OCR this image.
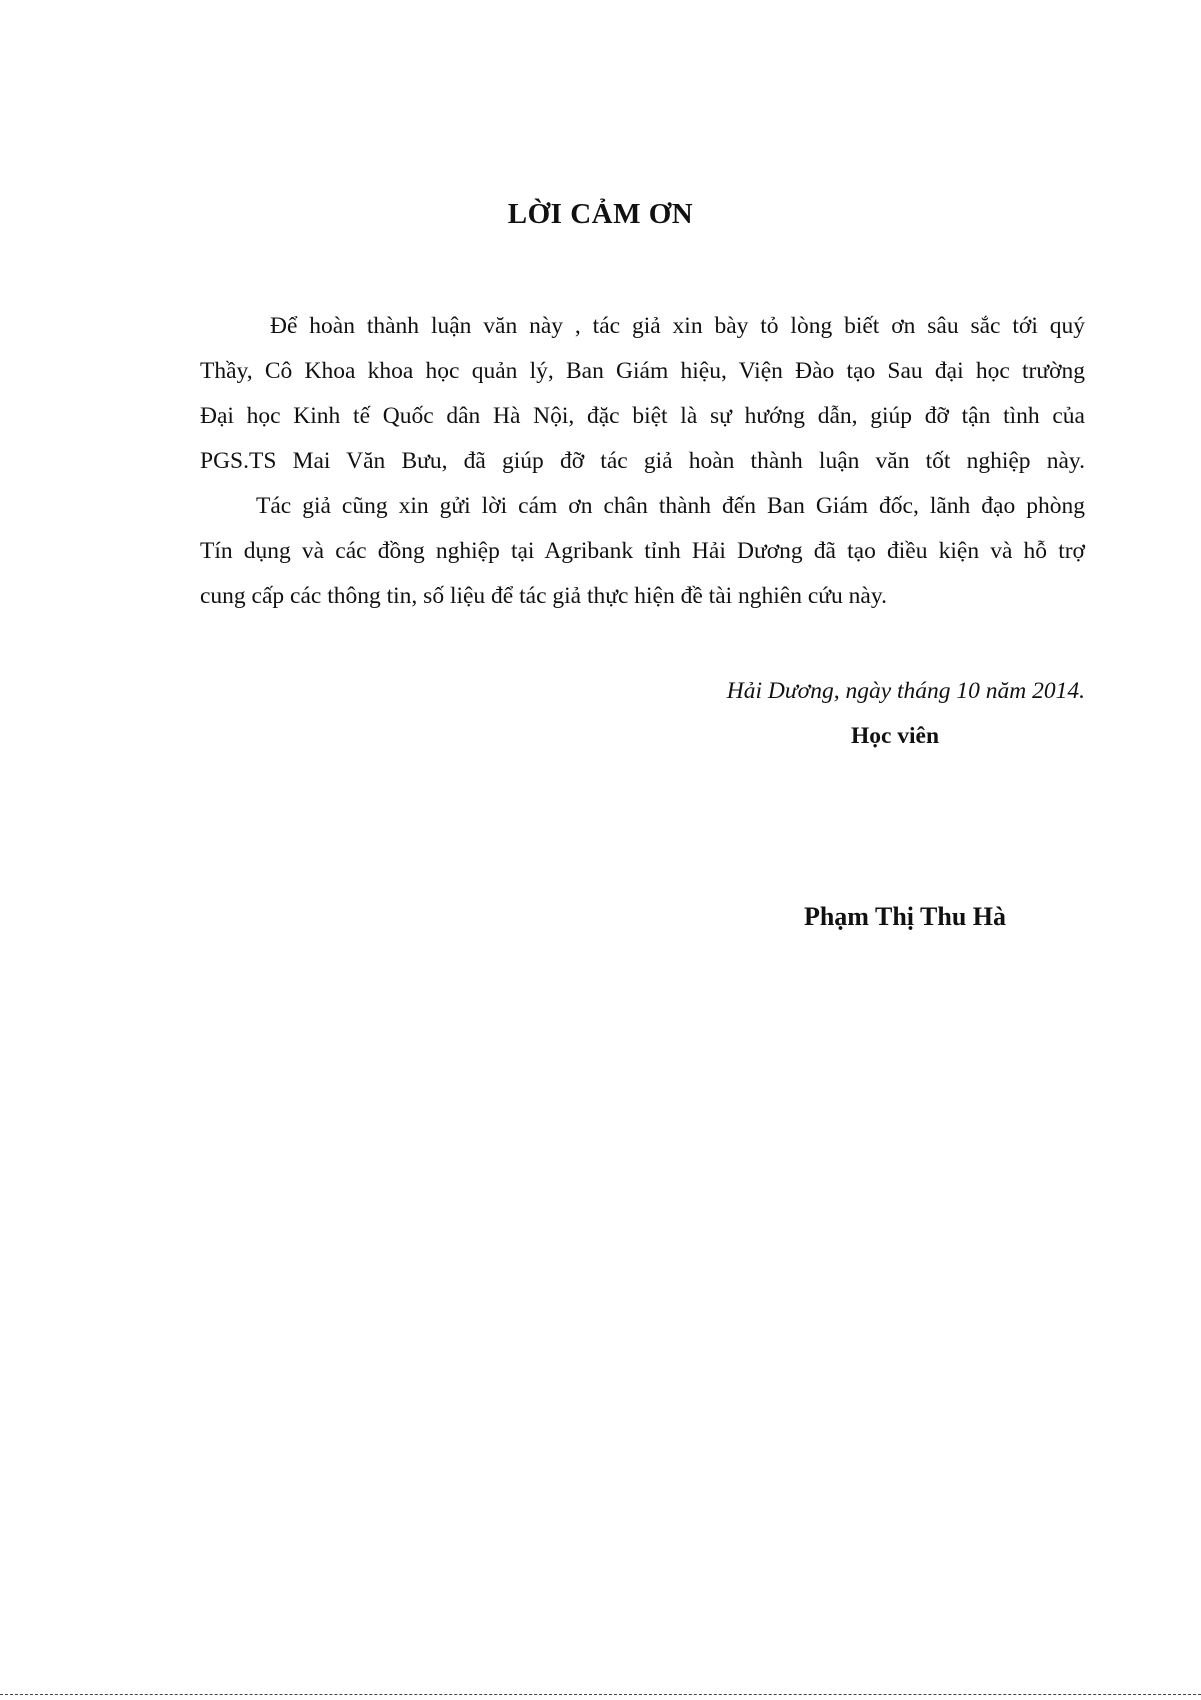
LỜI CẢM ƠN
Để hoàn thành luận văn này , tác giả xin bày tỏ lòng biết ơn sâu sắc tới quý
Thầy, Cô Khoa khoa học quản lý, Ban Giám hiệu, Viện Đào tạo Sau đại học trường
Đại học Kinh tế Quốc dân Hà Nội, đặc biệt là sự hướng dẫn, giúp đỡ tận tình của
PGS.TS Mai Văn Bưu, đã giúp đỡ tác giả hoàn thành luận văn tốt nghiệp này.
Tác giả cũng xin gửi lời cám ơn chân thành đến Ban Giám đốc, lãnh đạo phòng
Tín dụng và các đồng nghiệp tại Agribank tỉnh Hải Dương đã tạo điều kiện và hỗ trợ
cung cấp các thông tin, số liệu để tác giả thực hiện đề tài nghiên cứu này.
Hải Dương, ngày tháng 10 năm 2014.
Học viên
Phạm Thị Thu Hà
